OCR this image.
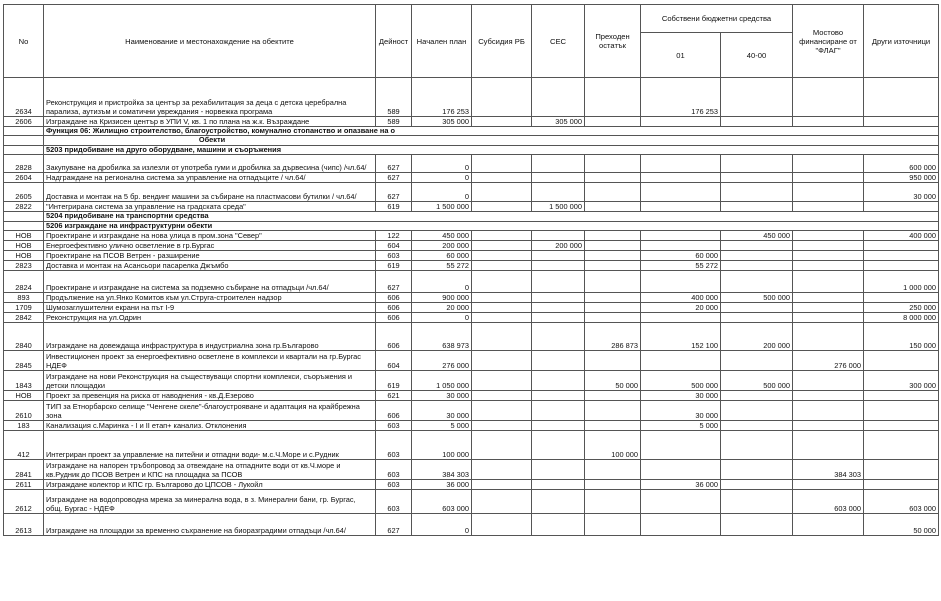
No	Наименование и местонахождение на обектите	Дейност	Начален план	Субсидия РБ	СЕС	Преходен остатък	Собствени бюджетни средства		Мостово финансиране от "ФЛАГ"	Други източници
							01	40-00		
2634	Реконструкция и пристройка за център за рехабилитация за деца с детска церебрална парализа, аутизъм и соматични увреждания - норвежка програма	589	176 253				176 253			
2606	Изграждане на Кризисен център в УПИ V, кв. 1 по плана на ж.к. Възраждане	589	305 000		305 000					
	Функция 06: Жилищно строителство, благоустройство, комунално стопанство и опазване на о									
	Обекти									
	5203 придобиване на друго оборудване, машини и съоръжения									
2828	Закупуване на дробилка за излезли от употреба гуми и дробилка за дървесина (чипс) /чл.64/	627	0							600 000
2604	Надграждане на регионална система за управление на отпадъците / чл.64/	627	0							950 000
2605	Доставка и монтаж на 5 бр. вендинг машини за събиране на пластмасови бутилки / чл.64/	627	0							30 000
2822	"Интегрирана система за управление на градската среда"	619	1 500 000		1 500 000					
	5204 придобиване на транспортни средства									
	5206 изграждане на инфраструктурни обекти									
НОВ	Проектиране и изграждане на нова улица в пром.зона "Север"	122	450 000					450 000		400 000
НОВ	Енергоефективно улично осветление в гр.Бургас	604	200 000		200 000					
НОВ	Проектиране на ПСОВ Ветрен - разширение	603	60 000				60 000			
2823	Доставка и монтаж на Асансьори пасарелка Джъмбо	619	55 272				55 272			
2824	Проектиране и изграждане на система за подземно събиране на отпадъци /чл.64/	627	0							1 000 000
893	Продължение на ул.Янко Комитов към ул.Струга-строителен надзор	606	900 000				400 000	500 000		
1709	Шумозаглушителни екрани на път I-9	606	20 000				20 000			250 000
2842	Реконструкция на ул.Одрин	606	0							8 000 000
2840	Изграждане на довеждаща инфраструктура в индустриална зона гр.Българово	606	638 973			286 873	152 100	200 000		150 000
2845	Инвестиционен проект за енергоефективно осветлене в комплекси и квартали на гр.Бургас НДЕФ	604	276 000						276 000	
1843	Изграждане на нови Реконструкция на съществуващи спортни комплекси, съоръжения и детски площадки	619	1 050 000			50 000	500 000	500 000		300 000
НОВ	Проект за превенция на риска от наводнения - кв.Д.Езерово	621	30 000				30 000			
2610	ТИП за Етнорбарско селище "Ченгене скеле"-благоустрояване и адаптация на крайбрежна зона	606	30 000				30 000			
183	Канализация с.Маринка - I и II етап+ канализ. Отклонения	603	5 000				5 000			
412	Интегриран проект за управление на питейни и отпадни води- м.с.Ч.Море и с.Рудник	603	100 000			100 000				
2841	Изграждане на напорен тръбопровод за отвеждане на отпадните води от кв.Ч.море и кв.Рудник до ПСОВ Ветрен и КПС на площадка за ПСОВ	603	384 303						384 303	
2611	Изграждане колектор и КПС гр. Българово до ЦПСОВ - Лукойл	603	36 000				36 000			
2612	Изграждане на водопроводна мрежа за минерална вода, в з. Минерални бани, гр. Бургас, общ. Бургас - НДЕФ	603	603 000						603 000	603 000
2613	Изграждане на площадки за временно съхранение на биоразградими отпадъци /чл.64/	627	0							50 000
